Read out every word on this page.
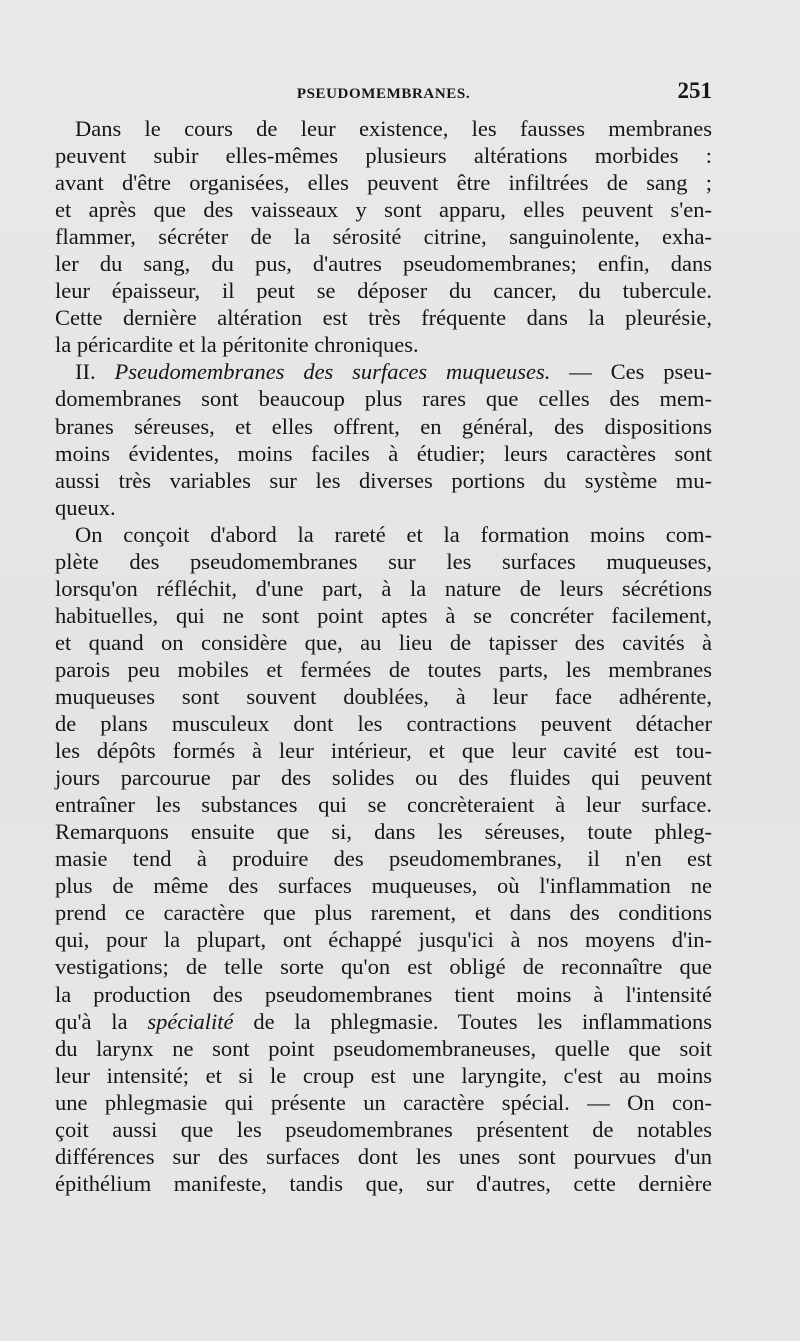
PSEUDOMEMBRANES.	251
Dans le cours de leur existence, les fausses membranes
peuvent subir elles-mêmes plusieurs altérations morbides :
avant d'être organisées, elles peuvent être infiltrées de sang ;
et après que des vaisseaux y sont apparu, elles peuvent s'en-
flammer, sécréter de la sérosité citrine, sanguinolente, exha-
ler du sang, du pus, d'autres pseudomembranes; enfin, dans
leur épaisseur, il peut se déposer du cancer, du tubercule.
Cette dernière altération est très fréquente dans la pleurésie,
la péricardite et la péritonite chroniques.
II. Pseudomembranes des surfaces muqueuses. — Ces pseu-
domembranes sont beaucoup plus rares que celles des mem-
branes séreuses, et elles offrent, en général, des dispositions
moins évidentes, moins faciles à étudier; leurs caractères sont
aussi très variables sur les diverses portions du système mu-
queux.
On conçoit d'abord la rareté et la formation moins com-
plète des pseudomembranes sur les surfaces muqueuses,
lorsqu'on réfléchit, d'une part, à la nature de leurs sécrétions
habituelles, qui ne sont point aptes à se concréter facilement,
et quand on considère que, au lieu de tapisser des cavités à
parois peu mobiles et fermées de toutes parts, les membranes
muqueuses sont souvent doublées, à leur face adhérente,
de plans musculeux dont les contractions peuvent détacher
les dépôts formés à leur intérieur, et que leur cavité est tou-
jours parcourue par des solides ou des fluides qui peuvent
entraîner les substances qui se concrèteraient à leur surface.
Remarquons ensuite que si, dans les séreuses, toute phleg-
masie tend à produire des pseudomembranes, il n'en est
plus de même des surfaces muqueuses, où l'inflammation ne
prend ce caractère que plus rarement, et dans des conditions
qui, pour la plupart, ont échappé jusqu'ici à nos moyens d'in-
vestigations; de telle sorte qu'on est obligé de reconnaître que
la production des pseudomembranes tient moins à l'intensité
qu'à la spécialité de la phlegmasie. Toutes les inflammations
du larynx ne sont point pseudomembraneuses, quelle que soit
leur intensité; et si le croup est une laryngite, c'est au moins
une phlegmasie qui présente un caractère spécial. — On con-
çoit aussi que les pseudomembranes présentent de notables
différences sur des surfaces dont les unes sont pourvues d'un
épithélium manifeste, tandis que, sur d'autres, cette dernière
